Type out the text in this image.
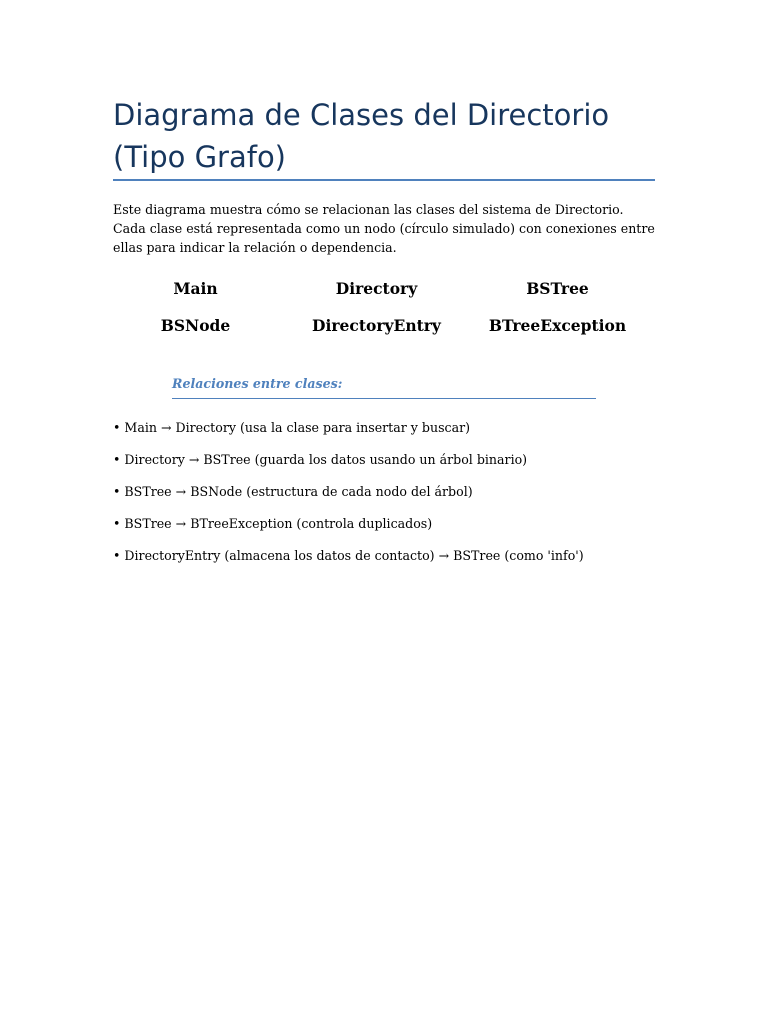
Diagrama de Clases del Directorio (Tipo Grafo)

Este diagrama muestra cómo se relacionan las clases del sistema de Directorio. Cada clase está representada como un nodo (círculo simulado) con conexiones entre ellas para indicar la relación o dependencia.

Main	Directory	BSTree
BSNode	DirectoryEntry	BTreeException

Relaciones entre clases:

• Main → Directory (usa la clase para insertar y buscar)
• Directory → BSTree (guarda los datos usando un árbol binario)
• BSTree → BSNode (estructura de cada nodo del árbol)
• BSTree → BTreeException (controla duplicados)
• DirectoryEntry (almacena los datos de contacto) → BSTree (como 'info')
